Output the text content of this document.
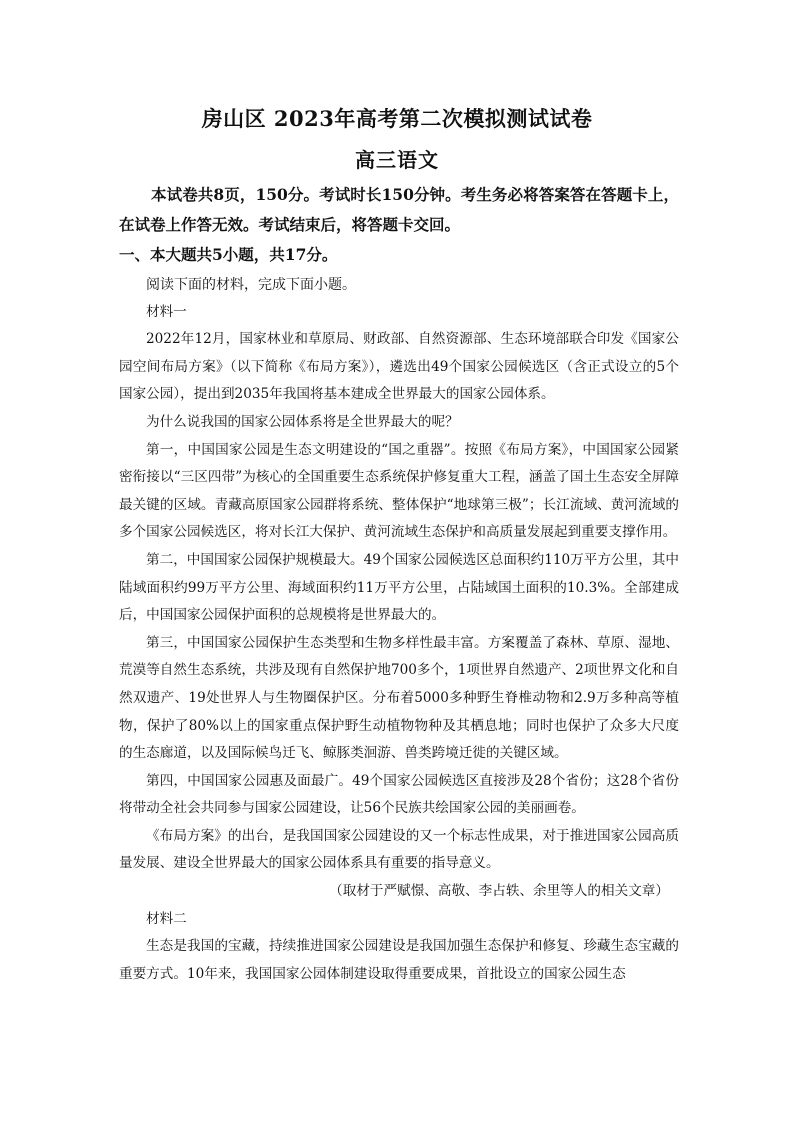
房山区 2023年高考第二次模拟测试试卷
高三语文
本试卷共8页，150分。考试时长150分钟。考生务必将答案答在答题卡上，在试卷上作答无效。考试结束后，将答题卡交回。
一、本大题共5小题，共17分。

阅读下面的材料，完成下面小题。

材料一

2022年12月，国家林业和草原局、财政部、自然资源部、生态环境部联合印发《国家公园空间布局方案》（以下简称《布局方案》），遴选出49个国家公园候选区（含正式设立的5个国家公园），提出到2035年我国将基本建成全世界最大的国家公园体系。

为什么说我国的国家公园体系将是全世界最大的呢？

第一，中国国家公园是生态文明建设的“国之重器”。按照《布局方案》，中国国家公园紧密衔接以“三区四带”为核心的全国重要生态系统保护修复重大工程，涵盖了国土生态安全屏障最关键的区域。青藏高原国家公园群将系统、整体保护“地球第三极”；长江流域、黄河流域的多个国家公园候选区，将对长江大保护、黄河流域生态保护和高质量发展起到重要支撑作用。

第二，中国国家公园保护规模最大。49个国家公园候选区总面积约110万平方公里，其中陆域面积约99万平方公里、海域面积约11万平方公里，占陆域国土面积的10.3%。全部建成后，中国国家公园保护面积的总规模将是世界最大的。

第三，中国国家公园保护生态类型和生物多样性最丰富。方案覆盖了森林、草原、湿地、荒漠等自然生态系统，共涉及现有自然保护地700多个，1项世界自然遗产、2项世界文化和自然双遗产、19处世界人与生物圈保护区。分布着5000多种野生脊椎动物和2.9万多种高等植物，保护了80%以上的国家重点保护野生动植物物种及其栖息地；同时也保护了众多大尺度的生态廊道，以及国际候鸟迁飞、鲸豚类洄游、兽类跨境迁徙的关键区域。

第四，中国国家公园惠及面最广。49个国家公园候选区直接涉及28个省份；这28个省份将带动全社会共同参与国家公园建设，让56个民族共绘国家公园的美丽画卷。

《布局方案》的出台，是我国国家公园建设的又一个标志性成果，对于推进国家公园高质量发展、建设全世界最大的国家公园体系具有重要的指导意义。

（取材于严赋憬、高敬、李占轶、余里等人的相关文章）

材料二

生态是我国的宝藏，持续推进国家公园建设是我国加强生态保护和修复、珍藏生态宝藏的重要方式。10年来，我国国家公园体制建设取得重要成果，首批设立的国家公园生态
